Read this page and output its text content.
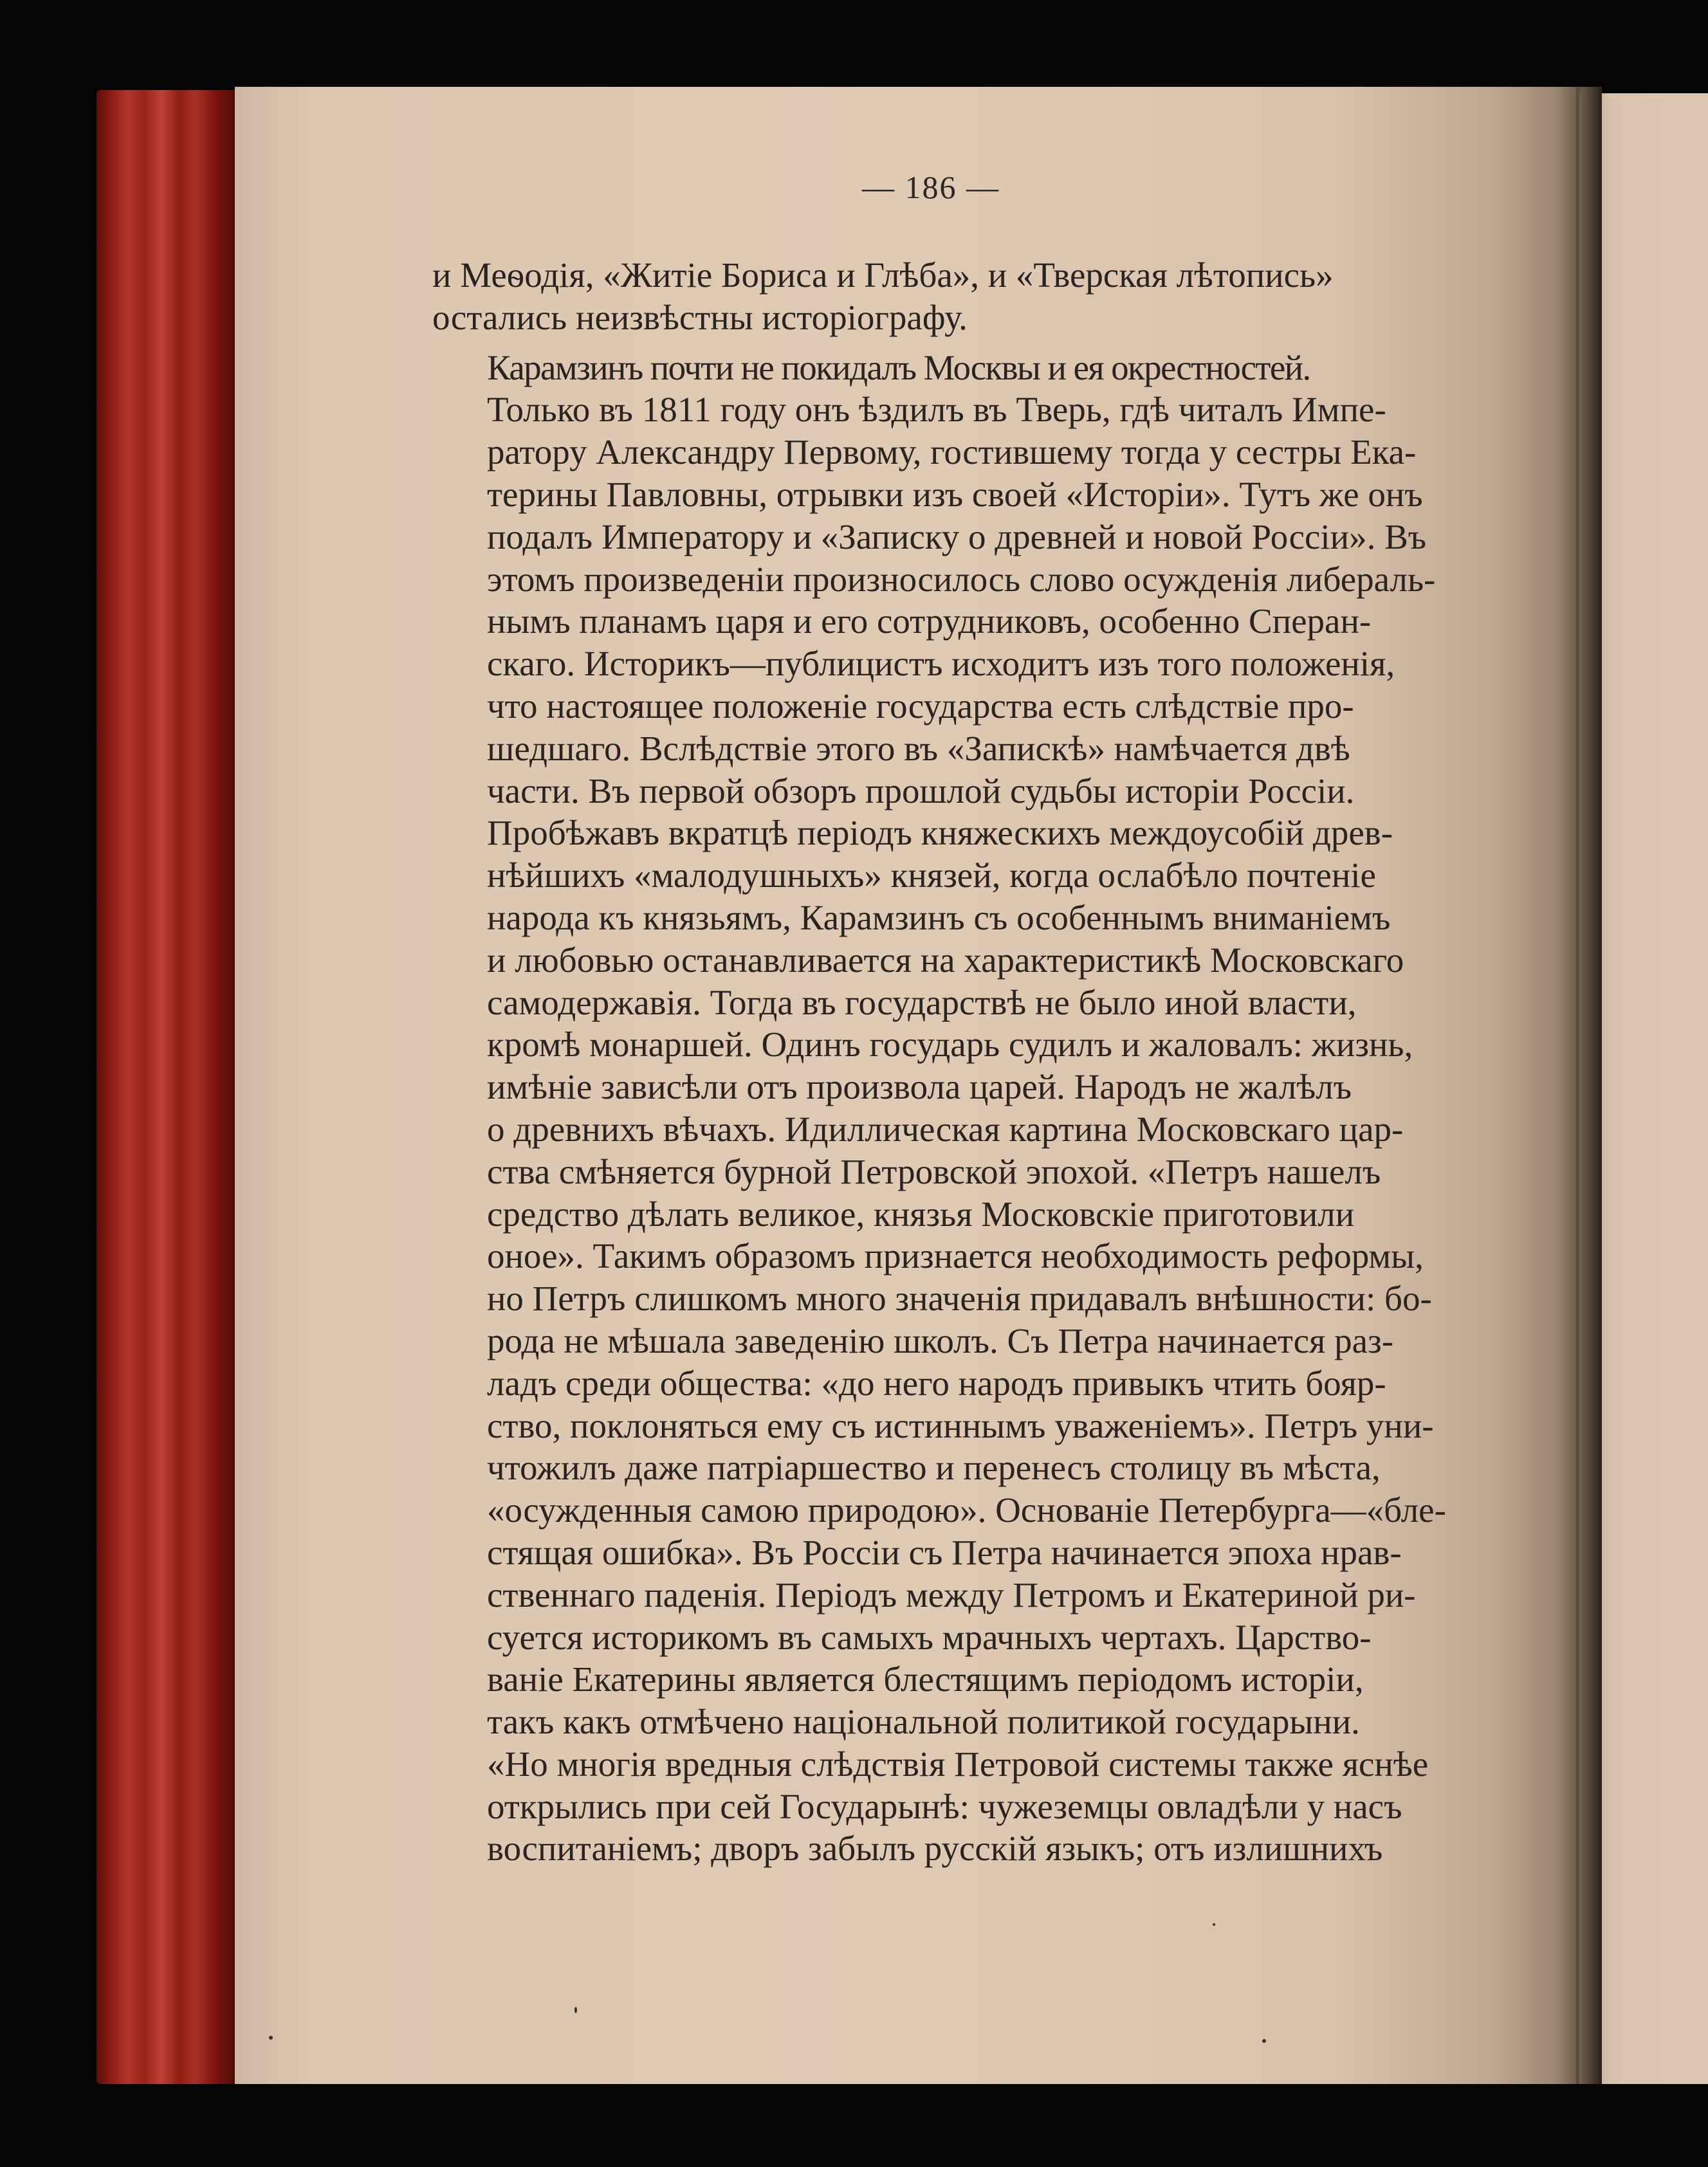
— 186 —

и Меѳодія, «Житіе Бориса и Глѣба», и «Тверская лѣтопись»
остались неизвѣстны исторіографу.

Карамзинъ почти не покидалъ Москвы и ея окрестностей.
Только въ 1811 году онъ ѣздилъ въ Тверь, гдѣ читалъ Импе-
ратору Александру Первому, гостившему тогда у сестры Ека-
терины Павловны, отрывки изъ своей «Исторіи». Тутъ же онъ
подалъ Императору и «Записку о древней и новой Россіи». Въ
этомъ произведеніи произносилось слово осужденія либераль-
нымъ планамъ царя и его сотрудниковъ, особенно Сперан-
скаго. Историкъ—публицистъ исходитъ изъ того положенія,
что настоящее положеніе государства есть слѣдствіе про-
шедшаго. Вслѣдствіе этого въ «Запискѣ» намѣчается двѣ
части. Въ первой обзоръ прошлой судьбы исторіи Россіи.
Пробѣжавъ вкратцѣ періодъ княжескихъ междоусобій древ-
нѣйшихъ «малодушныхъ» князей, когда ослабѣло почтеніе
народа къ князьямъ, Карамзинъ съ особеннымъ вниманіемъ
и любовью останавливается на характеристикѣ Московскаго
самодержавія. Тогда въ государствѣ не было иной власти,
кромѣ монаршей. Одинъ государь судилъ и жаловалъ: жизнь,
имѣніе зависѣли отъ произвола царей. Народъ не жалѣлъ
о древнихъ вѣчахъ. Идиллическая картина Московскаго цар-
ства смѣняется бурной Петровской эпохой. «Петръ нашелъ
средство дѣлать великое, князья Московскіе приготовили
оное». Такимъ образомъ признается необходимость реформы,
но Петръ слишкомъ много значенія придавалъ внѣшности: бо-
рода не мѣшала заведенію школъ. Съ Петра начинается раз-
ладъ среди общества: «до него народъ привыкъ чтить бояр-
ство, поклоняться ему съ истиннымъ уваженіемъ». Петръ уни-
чтожилъ даже патріаршество и перенесъ столицу въ мѣста,
«осужденныя самою природою». Основаніе Петербурга—«бле-
стящая ошибка». Въ Россіи съ Петра начинается эпоха нрав-
ственнаго паденія. Періодъ между Петромъ и Екатериной ри-
суется историкомъ въ самыхъ мрачныхъ чертахъ. Царство-
ваніе Екатерины является блестящимъ періодомъ исторіи,
такъ какъ отмѣчено національной политикой государыни.
«Но многія вредныя слѣдствія Петровой системы также яснѣе
открылись при сей Государынѣ: чужеземцы овладѣли у насъ
воспитаніемъ; дворъ забылъ русскій языкъ; отъ излишнихъ
